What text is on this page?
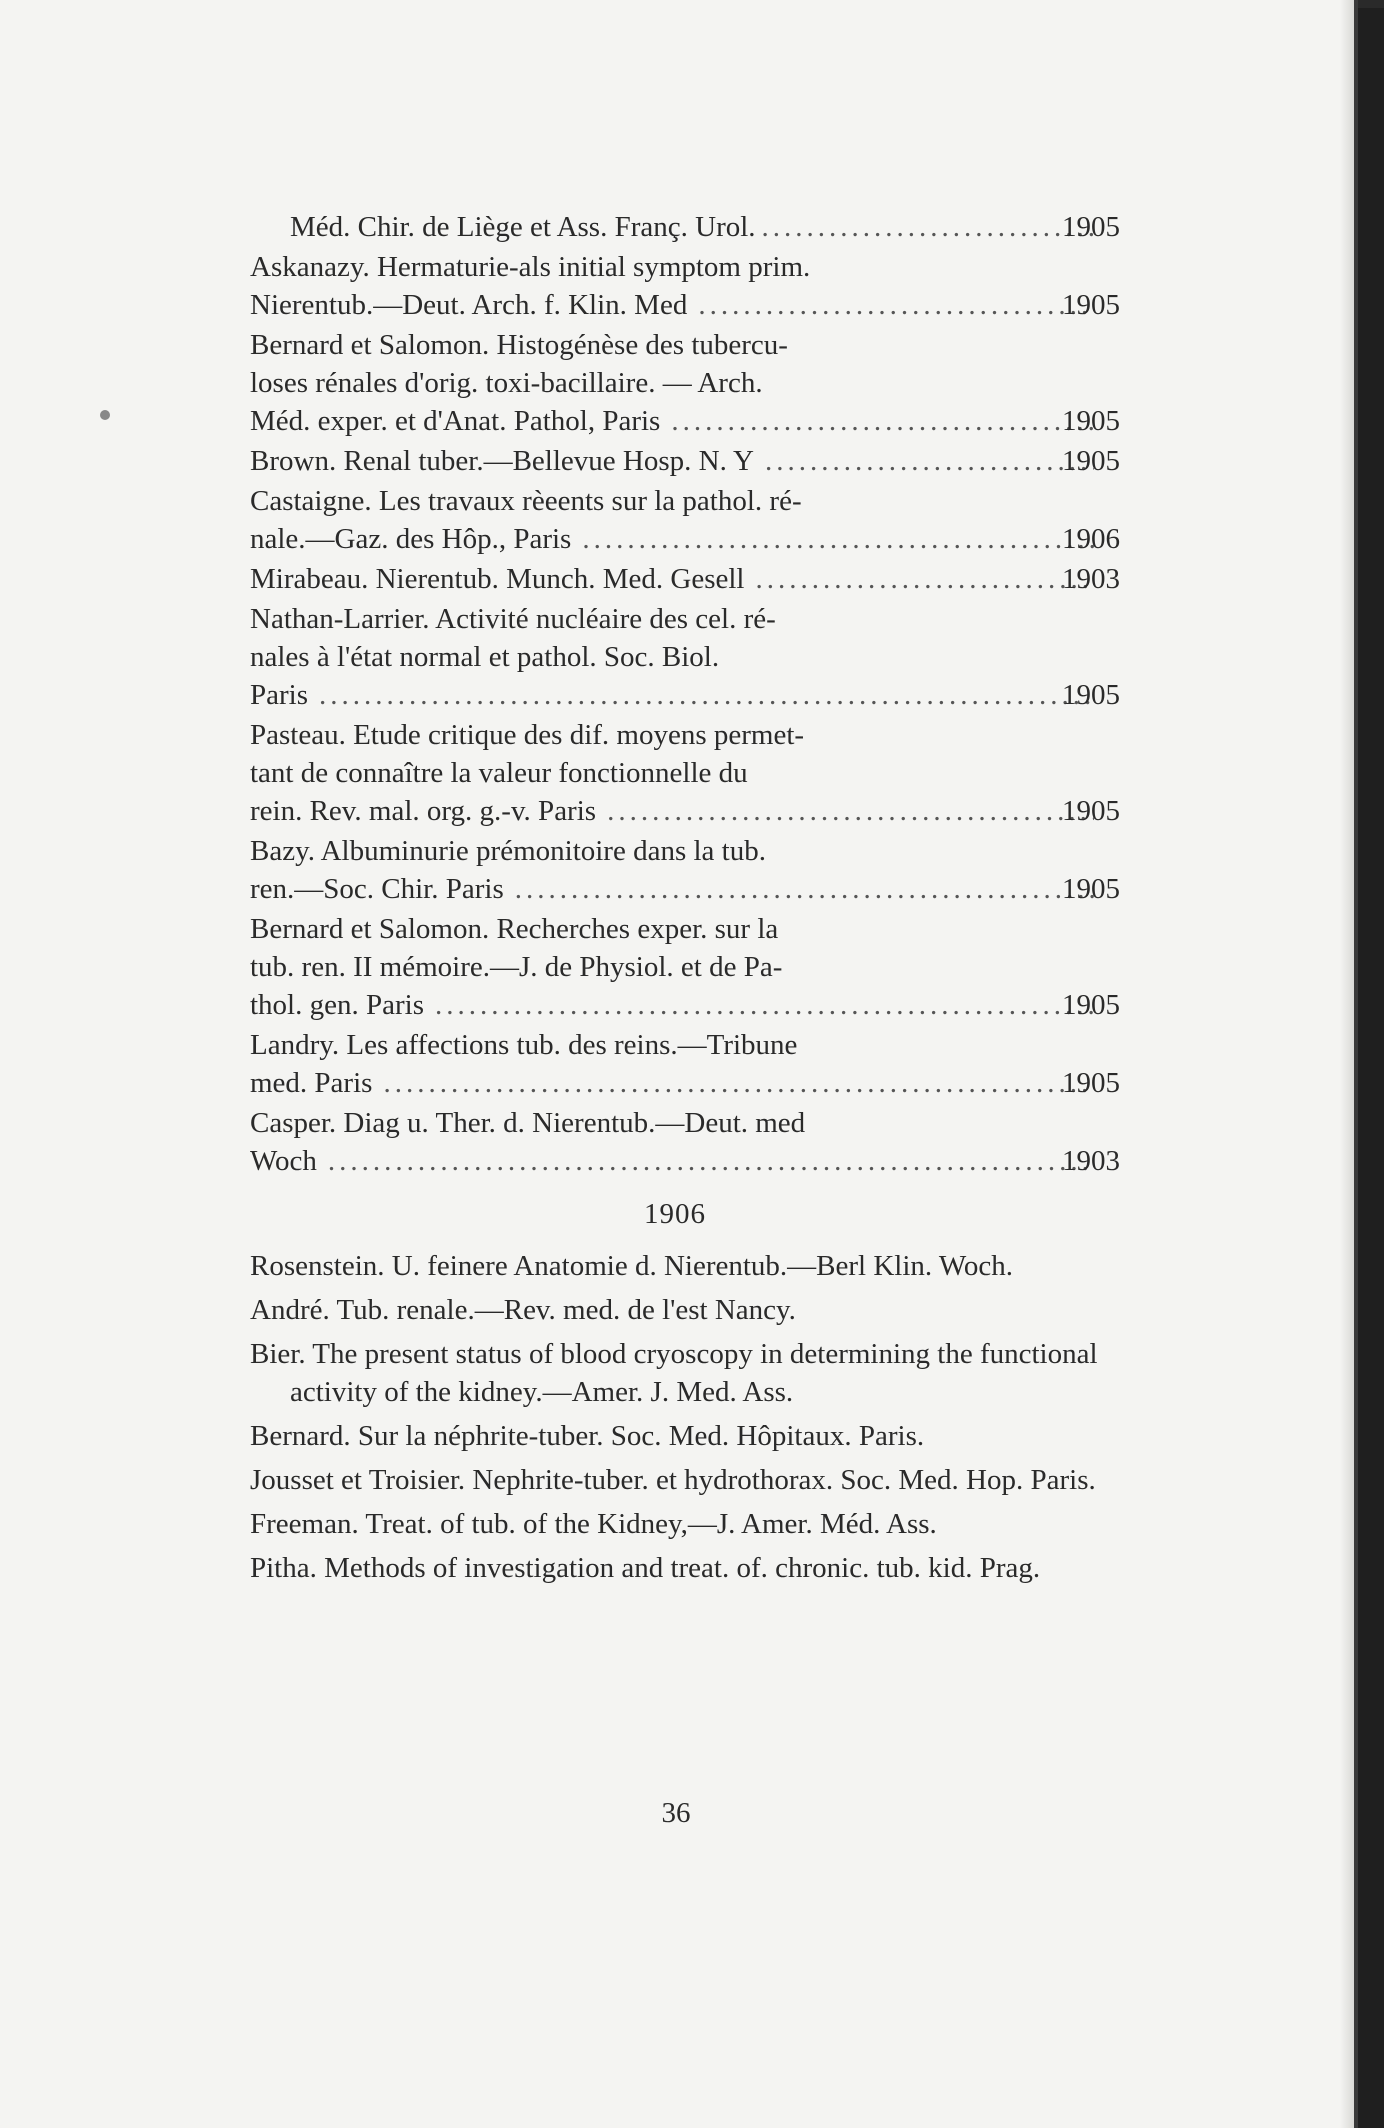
Méd. Chir. de Liège et Ass. Franç. Urol. .....	1905
Askanazy. Hermaturie-als initial symptom prim.
Nierentub.—Deut. Arch. f. Klin. Med .....	1905
Bernard et Salomon. Histogénèse des tubercu-
loses rénales d'orig. toxi-bacillaire. — Arch.
Méd. exper. et d'Anat. Pathol, Paris .....	1905
Brown. Renal tuber.—Bellevue Hosp. N. Y .....	1905
Castaigne. Les travaux rèeents sur la pathol. ré-
nale.—Gaz. des Hôp., Paris .....	1906
Mirabeau. Nierentub. Munch. Med. Gesell .....	1903
Nathan-Larrier. Activité nucléaire des cel. ré-
nales à l'état normal et pathol. Soc. Biol.
Paris .....	1905
Pasteau. Etude critique des dif. moyens permet-
tant de connaître la valeur fonctionnelle du
rein. Rev. mal. org. g.-v. Paris .....	1905
Bazy. Albuminurie prémonitoire dans la tub.
ren.—Soc. Chir. Paris .....	1905
Bernard et Salomon. Recherches exper. sur la
tub. ren. II mémoire.—J. de Physiol. et de Pa-
thol. gen. Paris .....	1905
Landry. Les affections tub. des reins.—Tribune
med. Paris .....	1905
Casper. Diag u. Ther. d. Nierentub.—Deut. med
Woch .....	1903
1906
Rosenstein. U. feinere Anatomie d. Nierentub.—Berl Klin. Woch.
André. Tub. renale.—Rev. med. de l'est Nancy.
Bier. The present status of blood cryoscopy in determining the functional activity of the kidney.—Amer. J. Med. Ass.
Bernard. Sur la néphrite-tuber. Soc. Med. Hôpitaux. Paris.
Jousset et Troisier. Nephrite-tuber. et hydrothorax. Soc. Med. Hop. Paris.
Freeman. Treat. of tub. of the Kidney,—J. Amer. Méd. Ass.
Pitha. Methods of investigation and treat. of. chronic. tub. kid. Prag.
36
